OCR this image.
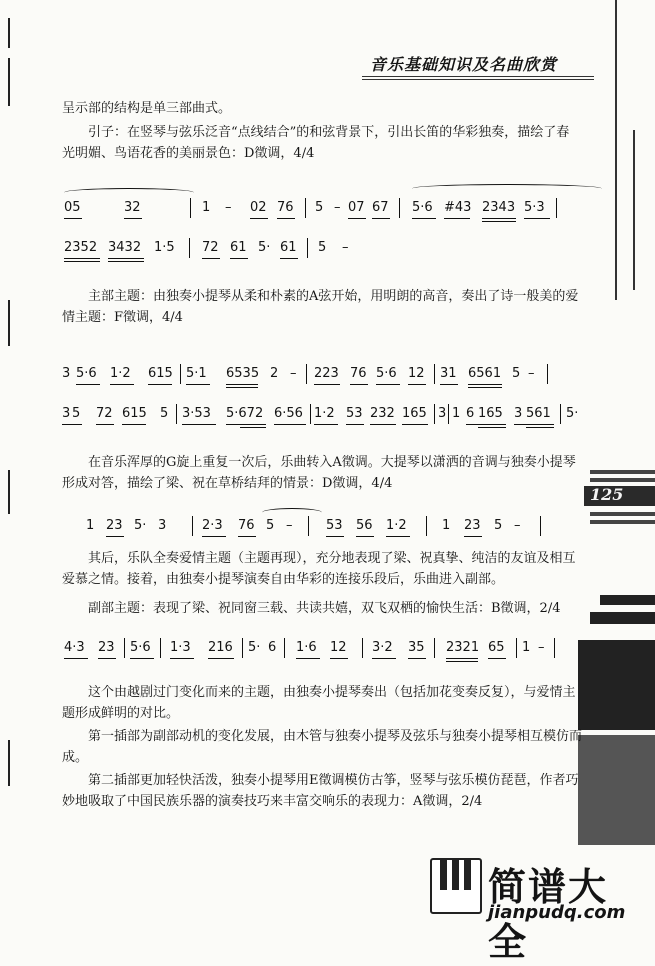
音乐基础知识及名曲欣赏
125
呈示部的结构是单三部曲式。
引子：在竖琴与弦乐泛音“点线结合”的和弦背景下，引出长笛的华彩独奏，描绘了春光明媚、鸟语花香的美丽景色：D徵调，4/4
05	32	1 – 02 76 5 – 07 67 5·6 #43 2343 5·3
2352 3432 1·5 72 61 5· 61 5 –
主部主题：由独奏小提琴从柔和朴素的A弦开始，用明朗的高音，奏出了诗一般美的爱情主题：F徵调，4/4
3 5·6 1·2 615 5·1 6535 2 – 223 76 5·6 12 31 6561 5 –
3 5 72 615 5 3·53 5·672 6·56 1·2 53 232 165 3 1 6 165 3 561 5·
在音乐浑厚的G旋上重复一次后，乐曲转入A徵调。大提琴以潇洒的音调与独奏小提琴形成对答，描绘了梁、祝在草桥结拜的情景：D徵调，4/4
1 23 5· 3	2·3 76 5 –	53 56 1·2	1 23 5 –
其后，乐队全奏爱情主题（主题再现），充分地表现了梁、祝真挚、纯洁的友谊及相互爱慕之情。接着，由独奏小提琴演奏自由华彩的连接乐段后，乐曲进入副部。
副部主题：表现了梁、祝同窗三载、共读共嬉，双飞双栖的愉快生活：B徵调，2/4
4·3 23 5·6 1·3 216 5· 6 1·6 12 3·2 35 2321 65 1 –
这个由越剧过门变化而来的主题，由独奏小提琴奏出（包括加花变奏反复），与爱情主题形成鲜明的对比。
第一插部为副部动机的变化发展，由木管与独奏小提琴及弦乐与独奏小提琴相互模仿而成。
第二插部更加轻快活泼，独奏小提琴用E徵调模仿古筝，竖琴与弦乐模仿琵琶，作者巧妙地吸取了中国民族乐器的演奏技巧来丰富交响乐的表现力：A徵调，2/4
简谱大全
jianpudq.com
